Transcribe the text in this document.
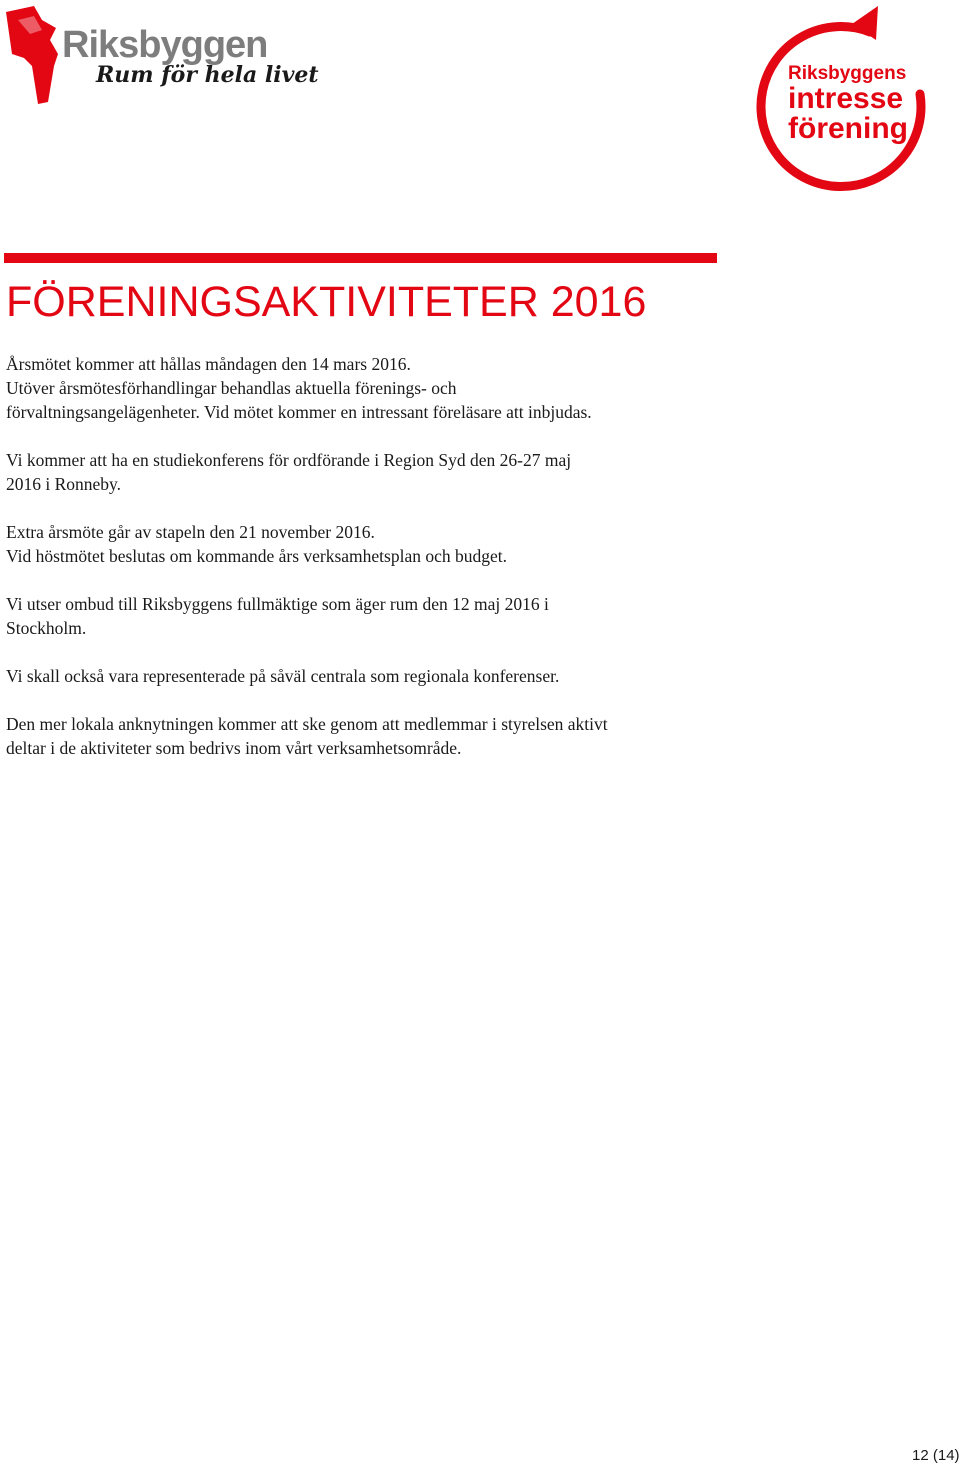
Riksbyggen
Rum för hela livet	Riksbyggens
intresse
förening
FÖRENINGSAKTIVITETER 2016

Årsmötet kommer att hållas måndagen den 14 mars 2016.
Utöver årsmötesförhandlingar behandlas aktuella förenings- och
förvaltningsangelägenheter. Vid mötet kommer en intressant föreläsare att inbjudas.

Vi kommer att ha en studiekonferens för ordförande i Region Syd den 26-27 maj
2016 i Ronneby.

Extra årsmöte går av stapeln den 21 november 2016.
Vid höstmötet beslutas om kommande års verksamhetsplan och budget.

Vi utser ombud till Riksbyggens fullmäktige som äger rum den 12 maj 2016 i
Stockholm.

Vi skall också vara representerade på såväl centrala som regionala konferenser.

Den mer lokala anknytningen kommer att ske genom att medlemmar i styrelsen aktivt
deltar i de aktiviteter som bedrivs inom vårt verksamhetsområde.

12 (14)
